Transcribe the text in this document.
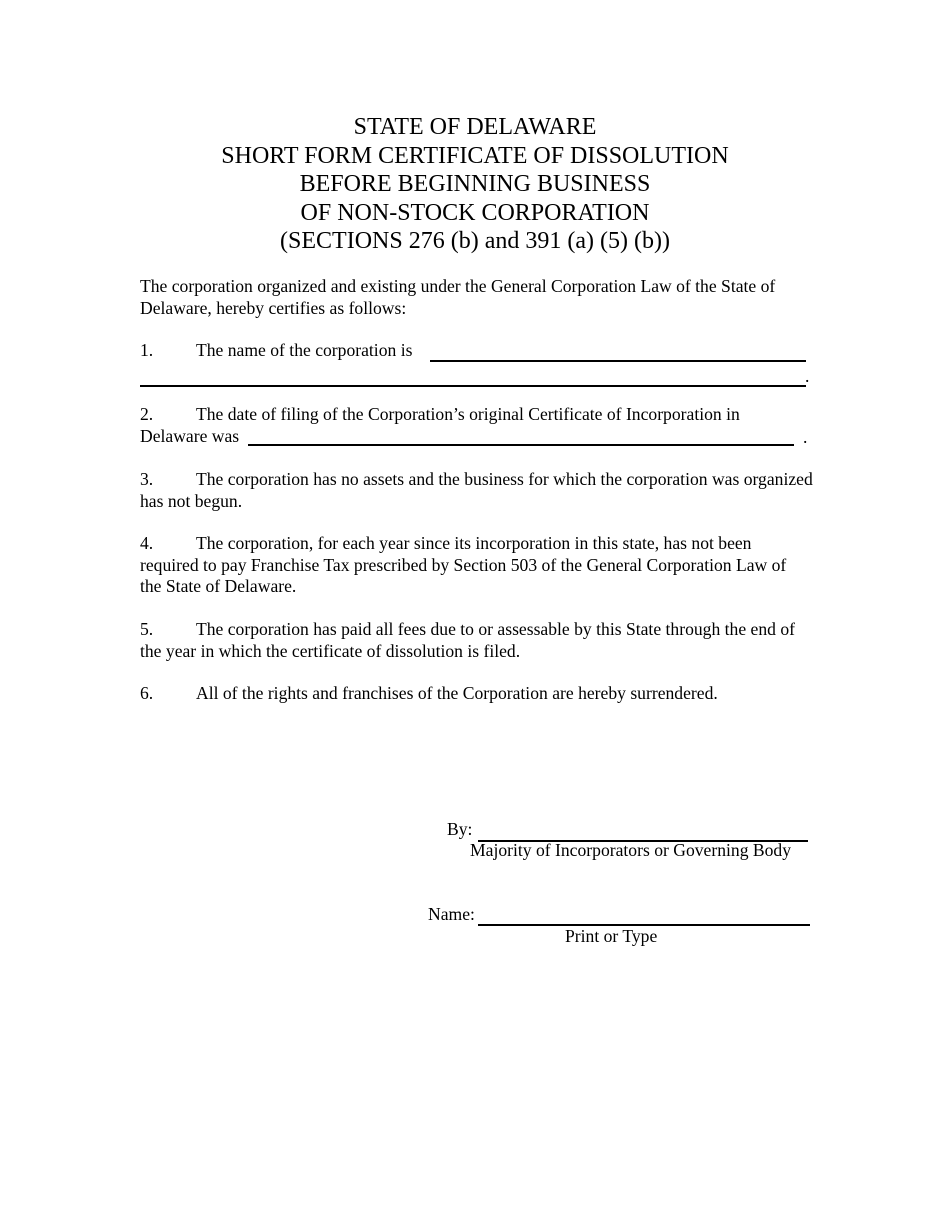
STATE OF DELAWARE
SHORT FORM CERTIFICATE OF DISSOLUTION
BEFORE BEGINNING BUSINESS
OF NON-STOCK CORPORATION
(SECTIONS 276 (b) and 391 (a) (5) (b))
The corporation organized and existing under the General Corporation Law of the State of Delaware, hereby certifies as follows:
1. The name of the corporation is
.
2. The date of filing of the Corporation’s original Certificate of Incorporation in
Delaware was	.
3. The corporation has no assets and the business for which the corporation was organized has not begun.
4. The corporation, for each year since its incorporation in this state, has not been required to pay Franchise Tax prescribed by Section 503 of the General Corporation Law of the State of Delaware.
5. The corporation has paid all fees due to or assessable by this State through the end of the year in which the certificate of dissolution is filed.
6. All of the rights and franchises of the Corporation are hereby surrendered.
By:
Majority of Incorporators or Governing Body
Name:
Print or Type
